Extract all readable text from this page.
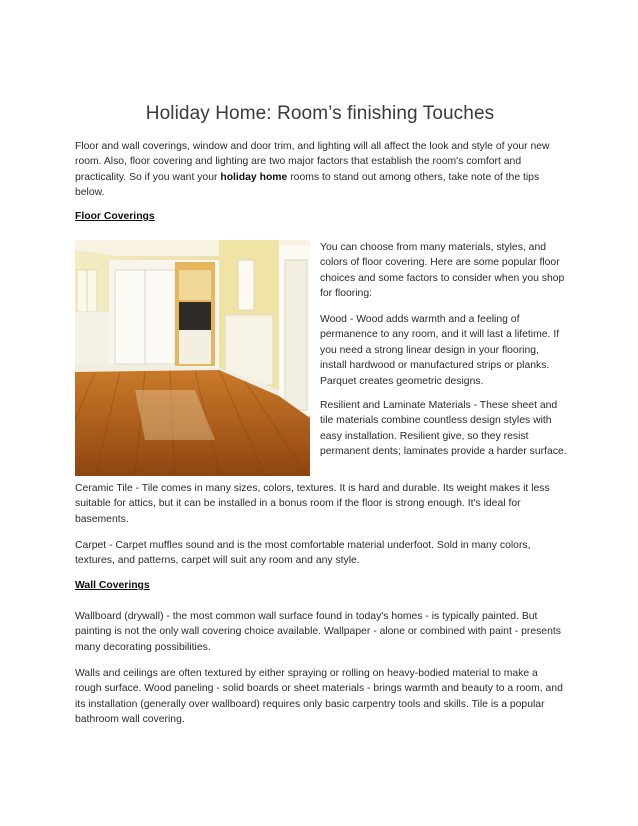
Holiday Home: Room’s finishing Touches

Floor and wall coverings, window and door trim, and lighting will all affect the look and style of your new room. Also, floor covering and lighting are two major factors that establish the room's comfort and practicality. So if you want your holiday home rooms to stand out among others, take note of the tips below.

Floor Coverings

You can choose from many materials, styles, and colors of floor covering. Here are some popular floor choices and some factors to consider when you shop for flooring:

Wood - Wood adds warmth and a feeling of permanence to any room, and it will last a lifetime. If you need a strong linear design in your flooring, install hardwood or manufactured strips or planks. Parquet creates geometric designs.

Resilient and Laminate Materials - These sheet and tile materials combine countless design styles with easy installation. Resilient give, so they resist permanent dents; laminates provide a harder surface.

Ceramic Tile - Tile comes in many sizes, colors, textures. It is hard and durable. Its weight makes it less suitable for attics, but it can be installed in a bonus room if the floor is strong enough. It's ideal for basements.

Carpet - Carpet muffles sound and is the most comfortable material underfoot. Sold in many colors, textures, and patterns, carpet will suit any room and any style.

Wall Coverings

Wallboard (drywall) - the most common wall surface found in today's homes - is typically painted. But painting is not the only wall covering choice available. Wallpaper - alone or combined with paint - presents many decorating possibilities.

Walls and ceilings are often textured by either spraying or rolling on heavy-bodied material to make a rough surface. Wood paneling - solid boards or sheet materials - brings warmth and beauty to a room, and its installation (generally over wallboard) requires only basic carpentry tools and skills. Tile is a popular bathroom wall covering.
